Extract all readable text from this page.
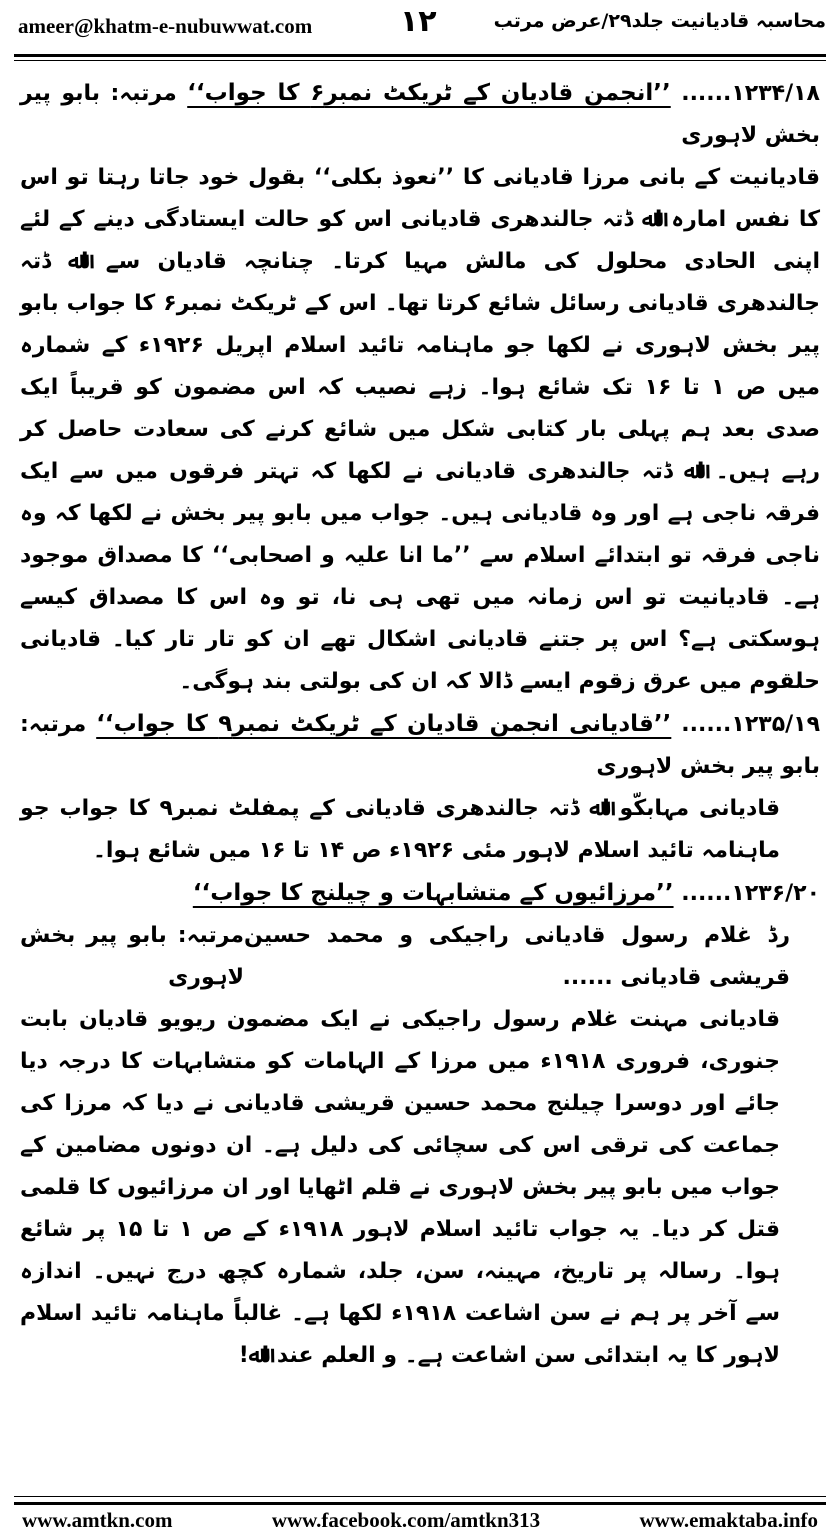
ameer@khatm-e-nubuwwat.com	۱۲	محاسبہ قادیانیت جلد۲۹/عرض مرتب

۱۲۳۴/۱۸...... ’’انجمن قادیان کے ٹریکٹ نمبر۶ کا جواب‘‘ مرتبہ: بابو پیر بخش لاہوری

قادیانیت کے بانی مرزا قادیانی کا ’’نعوذ بکلی‘‘ بقول خود جاتا رہتا تو اس کا نفس امارہ اﷲ ڈتہ جالندھری قادیانی اس کو حالت ایستادگی دینے کے لئے اپنی الحادی محلول کی مالش مہیا کرتا۔ چنانچہ قادیان سے اﷲ ڈتہ جالندھری قادیانی رسائل شائع کرتا تھا۔ اس کے ٹریکٹ نمبر۶ کا جواب بابو پیر بخش لاہوری نے لکھا جو ماہنامہ تائید اسلام اپریل ۱۹۲۶ء کے شمارہ میں ص ۱ تا ۱۶ تک شائع ہوا۔ زہے نصیب کہ اس مضمون کو قریباً ایک صدی بعد ہم پہلی بار کتابی شکل میں شائع کرنے کی سعادت حاصل کر رہے ہیں۔ اﷲ ڈتہ جالندھری قادیانی نے لکھا کہ تہتر فرقوں میں سے ایک فرقہ ناجی ہے اور وہ قادیانی ہیں۔ جواب میں بابو پیر بخش نے لکھا کہ وہ ناجی فرقہ تو ابتدائے اسلام سے ’’ما انا علیہ و اصحابی‘‘ کا مصداق موجود ہے۔ قادیانیت تو اس زمانہ میں تھی ہی نا، تو وہ اس کا مصداق کیسے ہوسکتی ہے؟ اس پر جتنے قادیانی اشکال تھے ان کو تار تار کیا۔ قادیانی حلقوم میں عرق زقوم ایسے ڈالا کہ ان کی بولتی بند ہوگی۔

۱۲۳۵/۱۹...... ’’قادیانی انجمن قادیان کے ٹریکٹ نمبر۹ کا جواب‘‘ مرتبہ: بابو پیر بخش لاہوری

قادیانی مہابکّو اﷲ ڈتہ جالندھری قادیانی کے پمفلٹ نمبر۹ کا جواب جو ماہنامہ تائید اسلام لاہور مئی ۱۹۲۶ء ص ۱۴ تا ۱۶ میں شائع ہوا۔

۱۲۳۶/۲۰...... ’’مرزائیوں کے متشابہات و چیلنج کا جواب‘‘

رڈ غلام رسول قادیانی راجیکی و محمد حسین قریشی قادیانی ......
مرتبہ: بابو پیر بخش لاہوری

قادیانی مہنت غلام رسول راجیکی نے ایک مضمون ریویو قادیان بابت جنوری، فروری ۱۹۱۸ء میں مرزا کے الہامات کو متشابہات کا درجہ دیا جائے اور دوسرا چیلنج محمد حسین قریشی قادیانی نے دیا کہ مرزا کی جماعت کی ترقی اس کی سچائی کی دلیل ہے۔ ان دونوں مضامین کے جواب میں بابو پیر بخش لاہوری نے قلم اٹھایا اور ان مرزائیوں کا قلمی قتل کر دیا۔ یہ جواب تائید اسلام لاہور ۱۹۱۸ء کے ص ۱ تا ۱۵ پر شائع ہوا۔ رسالہ پر تاریخ، مہینہ، سن، جلد، شمارہ کچھ درج نہیں۔ اندازہ سے آخر پر ہم نے سن اشاعت ۱۹۱۸ء لکھا ہے۔ غالباً ماہنامہ تائید اسلام لاہور کا یہ ابتدائی سن اشاعت ہے۔ و العلم عند اﷲ!

www.amtkn.com	www.facebook.com/amtkn313	www.emaktaba.info
